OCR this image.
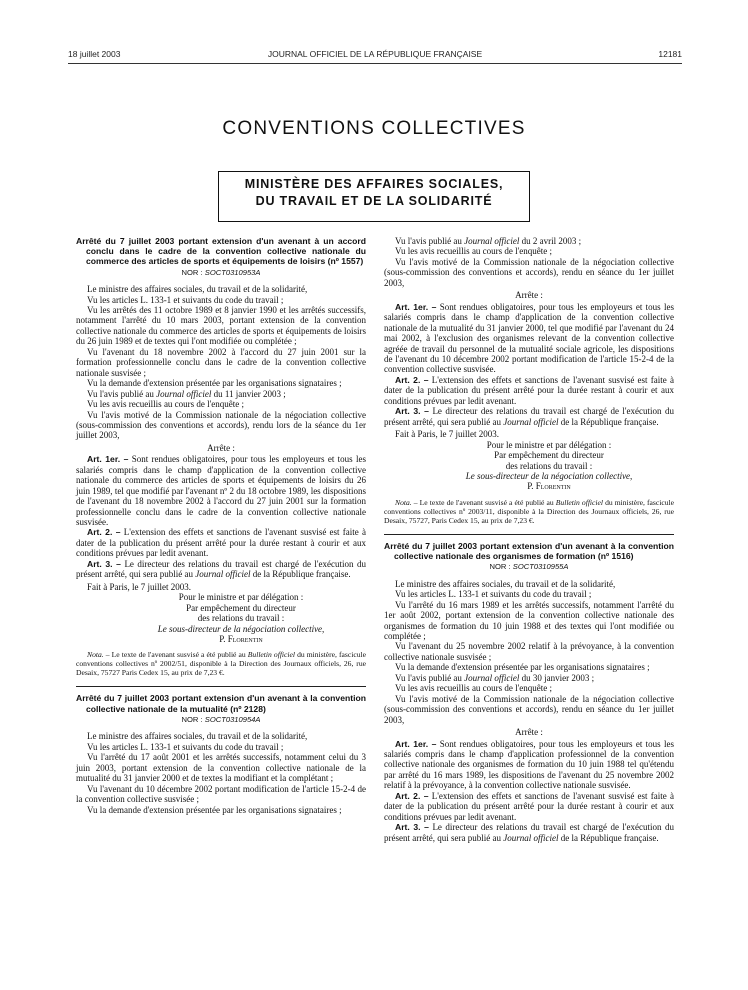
18 juillet 2003	JOURNAL OFFICIEL DE LA RÉPUBLIQUE FRANÇAISE	12181
CONVENTIONS COLLECTIVES
MINISTÈRE DES AFFAIRES SOCIALES,
DU TRAVAIL ET DE LA SOLIDARITÉ

Arrêté du 7 juillet 2003 portant extension d'un avenant à un accord conclu dans le cadre de la convention collective nationale du commerce des articles de sports et équipements de loisirs (nº 1557)

NOR : SOCT0310953A

Le ministre des affaires sociales, du travail et de la solidarité,

Vu les articles L. 133-1 et suivants du code du travail ;

Vu les arrêtés des 11 octobre 1989 et 8 janvier 1990 et les arrêtés successifs, notamment l'arrêté du 10 mars 2003, portant extension de la convention collective nationale du commerce des articles de sports et équipements de loisirs du 26 juin 1989 et de textes qui l'ont modifiée ou complétée ;

Vu l'avenant du 18 novembre 2002 à l'accord du 27 juin 2001 sur la formation professionnelle conclu dans le cadre de la convention collective nationale susvisée ;

Vu la demande d'extension présentée par les organisations signataires ;

Vu l'avis publié au Journal officiel du 11 janvier 2003 ;

Vu les avis recueillis au cours de l'enquête ;

Vu l'avis motivé de la Commission nationale de la négociation collective (sous-commission des conventions et accords), rendu lors de la séance du 1er juillet 2003,

Arrête :

Art. 1er. – Sont rendues obligatoires, pour tous les employeurs et tous les salariés compris dans le champ d'application de la convention collective nationale du commerce des articles de sports et équipements de loisirs du 26 juin 1989, tel que modifié par l'avenant nº 2 du 18 octobre 1989, les dispositions de l'avenant du 18 novembre 2002 à l'accord du 27 juin 2001 sur la formation professionnelle conclu dans le cadre de la convention collective nationale susvisée.

Art. 2. – L'extension des effets et sanctions de l'avenant susvisé est faite à dater de la publication du présent arrêté pour la durée restant à courir et aux conditions prévues par ledit avenant.

Art. 3. – Le directeur des relations du travail est chargé de l'exécution du présent arrêté, qui sera publié au Journal officiel de la République française.

Fait à Paris, le 7 juillet 2003.

Pour le ministre et par délégation :

Par empêchement du directeur

des relations du travail :

Le sous-directeur de la négociation collective,

P. Florentin

Nota. – Le texte de l'avenant susvisé a été publié au Bulletin officiel du ministère, fascicule conventions collectives nº 2002/51, disponible à la Direction des Journaux officiels, 26, rue Desaix, 75727 Paris Cedex 15, au prix de 7,23 €.

Arrêté du 7 juillet 2003 portant extension d'un avenant à la convention collective nationale de la mutualité (nº 2128)

NOR : SOCT0310954A

Le ministre des affaires sociales, du travail et de la solidarité,

Vu les articles L. 133-1 et suivants du code du travail ;

Vu l'arrêté du 17 août 2001 et les arrêtés successifs, notamment celui du 3 juin 2003, portant extension de la convention collective nationale de la mutualité du 31 janvier 2000 et de textes la modifiant et la complétant ;

Vu l'avenant du 10 décembre 2002 portant modification de l'article 15-2-4 de la convention collective susvisée ;

Vu la demande d'extension présentée par les organisations signataires ;

Vu l'avis publié au Journal officiel du 2 avril 2003 ;

Vu les avis recueillis au cours de l'enquête ;

Vu l'avis motivé de la Commission nationale de la négociation collective (sous-commission des conventions et accords), rendu en séance du 1er juillet 2003,

Arrête :

Art. 1er. – Sont rendues obligatoires, pour tous les employeurs et tous les salariés compris dans le champ d'application de la convention collective nationale de la mutualité du 31 janvier 2000, tel que modifié par l'avenant du 24 mai 2002, à l'exclusion des organismes relevant de la convention collective agréée de travail du personnel de la mutualité sociale agricole, les dispositions de l'avenant du 10 décembre 2002 portant modification de l'article 15-2-4 de la convention collective susvisée.

Art. 2. – L'extension des effets et sanctions de l'avenant susvisé est faite à dater de la publication du présent arrêté pour la durée restant à courir et aux conditions prévues par ledit avenant.

Art. 3. – Le directeur des relations du travail est chargé de l'exécution du présent arrêté, qui sera publié au Journal officiel de la République française.

Fait à Paris, le 7 juillet 2003.

Pour le ministre et par délégation :

Par empêchement du directeur

des relations du travail :

Le sous-directeur de la négociation collective,

P. Florentin

Nota. – Le texte de l'avenant susvisé a été publié au Bulletin officiel du ministère, fascicule conventions collectives nº 2003/11, disponible à la Direction des Journaux officiels, 26, rue Desaix, 75727, Paris Cedex 15, au prix de 7,23 €.

Arrêté du 7 juillet 2003 portant extension d'un avenant à la convention collective nationale des organismes de formation (nº 1516)

NOR : SOCT0310955A

Le ministre des affaires sociales, du travail et de la solidarité,

Vu les articles L. 133-1 et suivants du code du travail ;

Vu l'arrêté du 16 mars 1989 et les arrêtés successifs, notamment l'arrêté du 1er août 2002, portant extension de la convention collective nationale des organismes de formation du 10 juin 1988 et des textes qui l'ont modifiée ou complétée ;

Vu l'avenant du 25 novembre 2002 relatif à la prévoyance, à la convention collective nationale susvisée ;

Vu la demande d'extension présentée par les organisations signataires ;

Vu l'avis publié au Journal officiel du 30 janvier 2003 ;

Vu les avis recueillis au cours de l'enquête ;

Vu l'avis motivé de la Commission nationale de la négociation collective (sous-commission des conventions et accords), rendu en séance du 1er juillet 2003,

Arrête :

Art. 1er. – Sont rendues obligatoires, pour tous les employeurs et tous les salariés compris dans le champ d'application professionnel de la convention collective nationale des organismes de formation du 10 juin 1988 tel qu'étendu par arrêté du 16 mars 1989, les dispositions de l'avenant du 25 novembre 2002 relatif à la prévoyance, à la convention collective nationale susvisée.

Art. 2. – L'extension des effets et sanctions de l'avenant susvisé est faite à dater de la publication du présent arrêté pour la durée restant à courir et aux conditions prévues par ledit avenant.

Art. 3. – Le directeur des relations du travail est chargé de l'exécution du présent arrêté, qui sera publié au Journal officiel de la République française.
